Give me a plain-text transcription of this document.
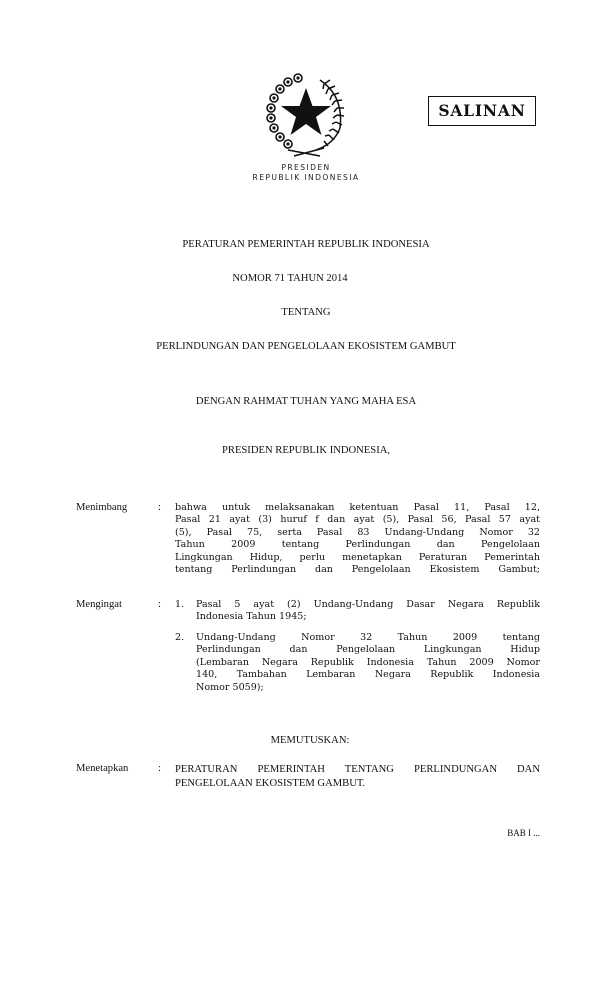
PRESIDEN
REPUBLIK INDONESIA
SALINAN
PERATURAN PEMERINTAH REPUBLIK INDONESIA
NOMOR 71 TAHUN 2014
TENTANG
PERLINDUNGAN DAN PENGELOLAAN EKOSISTEM GAMBUT
DENGAN RAHMAT TUHAN YANG MAHA ESA
PRESIDEN REPUBLIK INDONESIA,
Menimbang	: bahwa untuk melaksanakan ketentuan Pasal 11, Pasal 12,
Pasal 21 ayat (3) huruf f dan ayat (5), Pasal 56, Pasal 57 ayat
(5), Pasal 75, serta Pasal 83 Undang-Undang Nomor 32
Tahun 2009 tentang Perlindungan dan Pengelolaan
Lingkungan Hidup, perlu menetapkan Peraturan Pemerintah
tentang Perlindungan dan Pengelolaan Ekosistem Gambut;
Mengingat	: 1. Pasal 5 ayat (2) Undang-Undang Dasar Negara Republik
Indonesia Tahun 1945;
2. Undang-Undang Nomor 32 Tahun 2009 tentang
Perlindungan dan Pengelolaan Lingkungan Hidup
(Lembaran Negara Republik Indonesia Tahun 2009 Nomor
140, Tambahan Lembaran Negara Republik Indonesia
Nomor 5059);
MEMUTUSKAN:
Menetapkan	: PERATURAN PEMERINTAH TENTANG PERLINDUNGAN DAN
PENGELOLAAN EKOSISTEM GAMBUT.
BAB I ...
